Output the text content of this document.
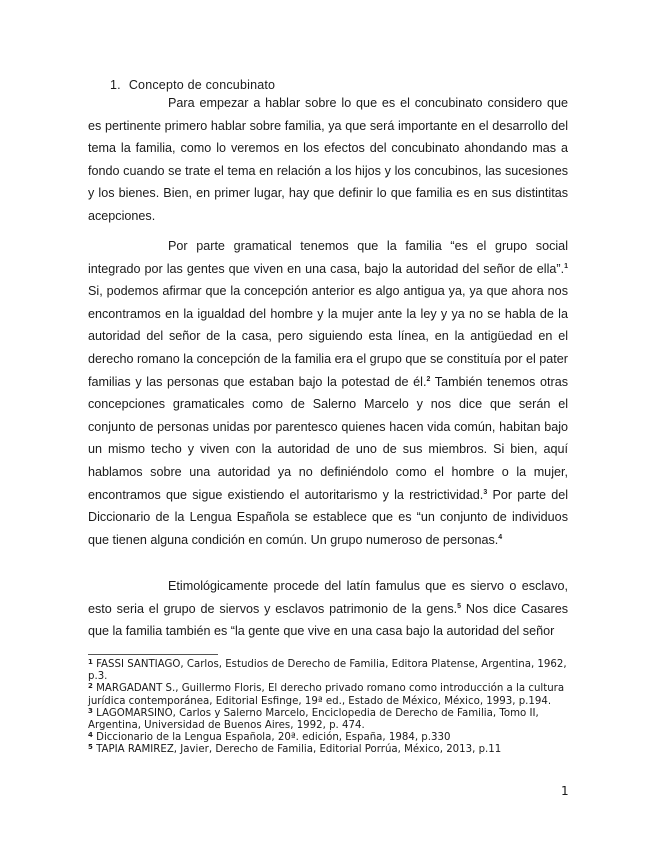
1. Concepto de concubinato

Para empezar a hablar sobre lo que es el concubinato considero que es pertinente primero hablar sobre familia, ya que será importante en el desarrollo del tema la familia, como lo veremos en los efectos del concubinato ahondando mas a fondo cuando se trate el tema en relación a los hijos y los concubinos, las sucesiones y los bienes. Bien, en primer lugar, hay que definir lo que familia es en sus distintitas acepciones.

Por parte gramatical tenemos que la familia “es el grupo social integrado por las gentes que viven en una casa, bajo la autoridad del señor de ella”.$^1$ Si, podemos afirmar que la concepción anterior es algo antigua ya, ya que ahora nos encontramos en la igualdad del hombre y la mujer ante la ley y ya no se habla de la autoridad del señor de la casa, pero siguiendo esta línea, en la antigüedad en el derecho romano la concepción de la familia era el grupo que se constituía por el pater familias y las personas que estaban bajo la potestad de él.$^2$ También tenemos otras concepciones gramaticales como de Salerno Marcelo y nos dice que serán el conjunto de personas unidas por parentesco quienes hacen vida común, habitan bajo un mismo techo y viven con la autoridad de uno de sus miembros. Si bien, aquí hablamos sobre una autoridad ya no definiéndolo como el hombre o la mujer, encontramos que sigue existiendo el autoritarismo y la restrictividad.$^3$ Por parte del Diccionario de la Lengua Española se establece que es “un conjunto de individuos que tienen alguna condición en común. Un grupo numeroso de personas.$^4$

Etimológicamente procede del latín famulus que es siervo o esclavo, esto seria el grupo de siervos y esclavos patrimonio de la gens.$^5$ Nos dice Casares que la familia también es “la gente que vive en una casa bajo la autoridad del señor

$^1$ FASSI SANTIAGO, Carlos, Estudios de Derecho de Familia, Editora Platense, Argentina, 1962, p.3.

$^2$ MARGADANT S., Guillermo Floris, El derecho privado romano como introducción a la cultura jurídica contemporánea, Editorial Esfinge, 19ª ed., Estado de México, México, 1993, p.194.

$^3$ LAGOMARSINO, Carlos y Salerno Marcelo, Enciclopedia de Derecho de Familia, Tomo II, Argentina, Universidad de Buenos Aires, 1992, p. 474.

$^4$ Diccionario de la Lengua Española, 20ª. edición, España, 1984, p.330

$^5$ TAPIA RAMIREZ, Javier, Derecho de Familia, Editorial Porrúa, México, 2013, p.11

1
